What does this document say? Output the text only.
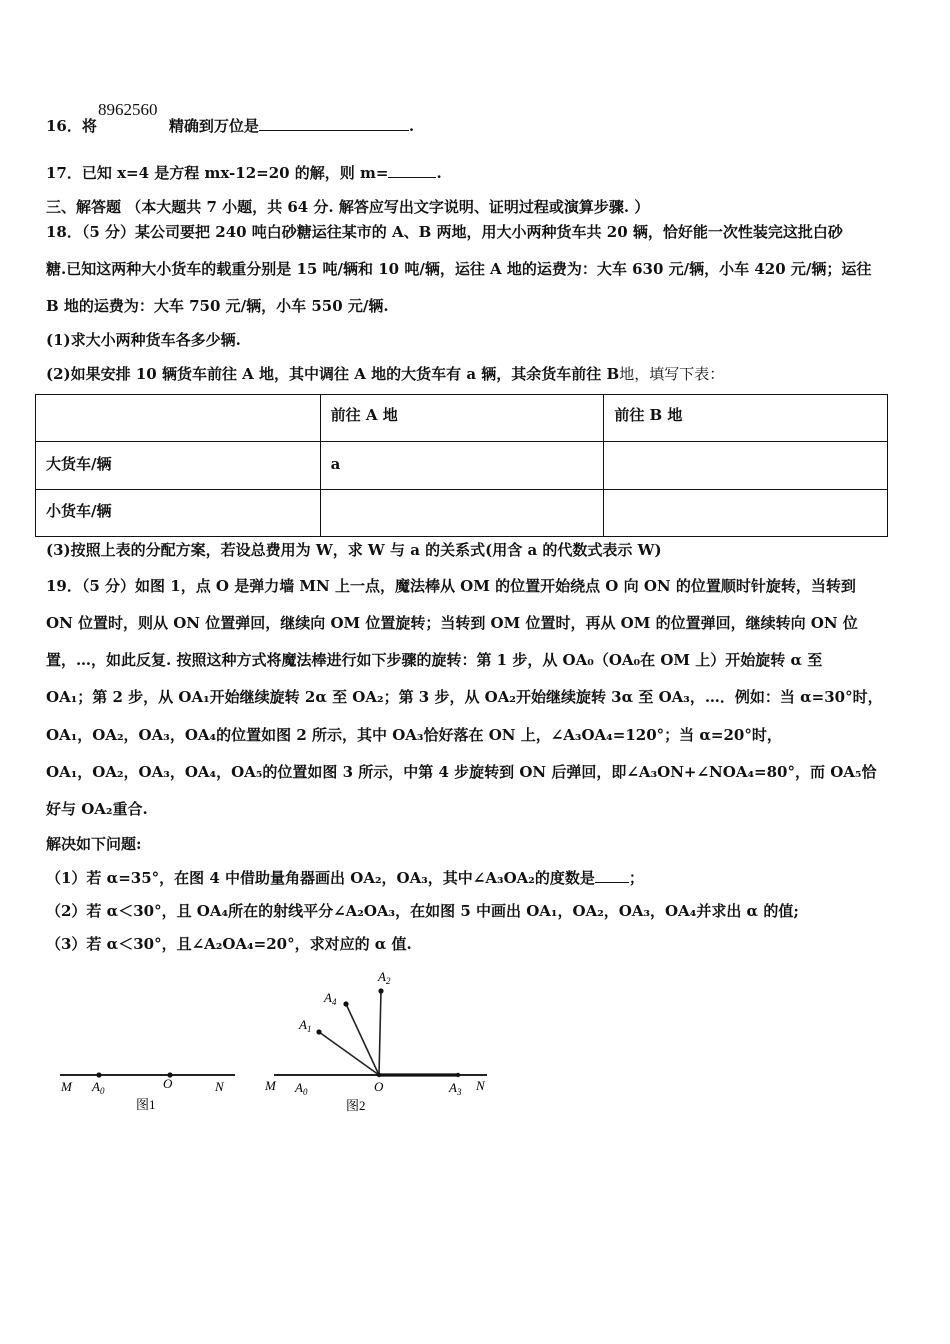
16．将	精确到万位是	.
8962560
17．已知 x=4 是方程 mx-12=20 的解，则 m=	.
三、解答题 （本大题共 7 小题，共 64 分. 解答应写出文字说明、证明过程或演算步骤. ）
18．（5 分）某公司要把 240 吨白砂糖运往某市的 A、B 两地，用大小两种货车共 20 辆，恰好能一次性装完这批白砂
糖.已知这两种大小货车的载重分别是 15 吨/辆和 10 吨/辆，运往 A 地的运费为：大车 630 元/辆，小车 420 元/辆；运往
B 地的运费为：大车 750 元/辆，小车 550 元/辆.
(1)求大小两种货车各多少辆.
(2)如果安排 10 辆货车前往 A 地，其中调往 A 地的大货车有 a 辆，其余货车前往 B地，填写下表：
	前往 A 地	前往 B 地
大货车/辆	a	
小货车/辆		
(3)按照上表的分配方案，若设总费用为 W，求 W 与 a 的关系式(用含 a 的代数式表示 W)
19．（5 分）如图 1，点 O 是弹力墙 MN 上一点，魔法棒从 OM 的位置开始绕点 O 向 ON 的位置顺时针旋转，当转到
ON 位置时，则从 ON 位置弹回，继续向 OM 位置旋转；当转到 OM 位置时，再从 OM 的位置弹回，继续转向 ON 位
置，…，如此反复. 按照这种方式将魔法棒进行如下步骤的旋转：第 1 步，从 OA₀（OA₀在 OM 上）开始旋转 α 至
OA₁；第 2 步，从 OA₁开始继续旋转 2α 至 OA₂；第 3 步，从 OA₂开始继续旋转 3α 至 OA₃，…．例如：当 α=30°时，
OA₁，OA₂，OA₃，OA₄的位置如图 2 所示，其中 OA₃恰好落在 ON 上，∠A₃OA₄=120°；当 α=20°时，
OA₁，OA₂，OA₃，OA₄，OA₅的位置如图 3 所示，中第 4 步旋转到 ON 后弹回，即∠A₃ON+∠NOA₄=80°，而 OA₅恰
好与 OA₂重合.
解决如下问题:
（1）若 α=35°，在图 4 中借助量角器画出 OA₂，OA₃，其中∠A₃OA₂的度数是 ；
（2）若 α＜30°，且 OA₄所在的射线平分∠A₂OA₃，在如图 5 中画出 OA₁，OA₂，OA₃，OA₄并求出 α 的值;
（3）若 α＜30°，且∠A₂OA₄=20°，求对应的 α 值.
M $A_0$	O	N
图1
M $A_0$	O	$A_3$ N
$A_2$
$A_4$
$A_1$
图2
